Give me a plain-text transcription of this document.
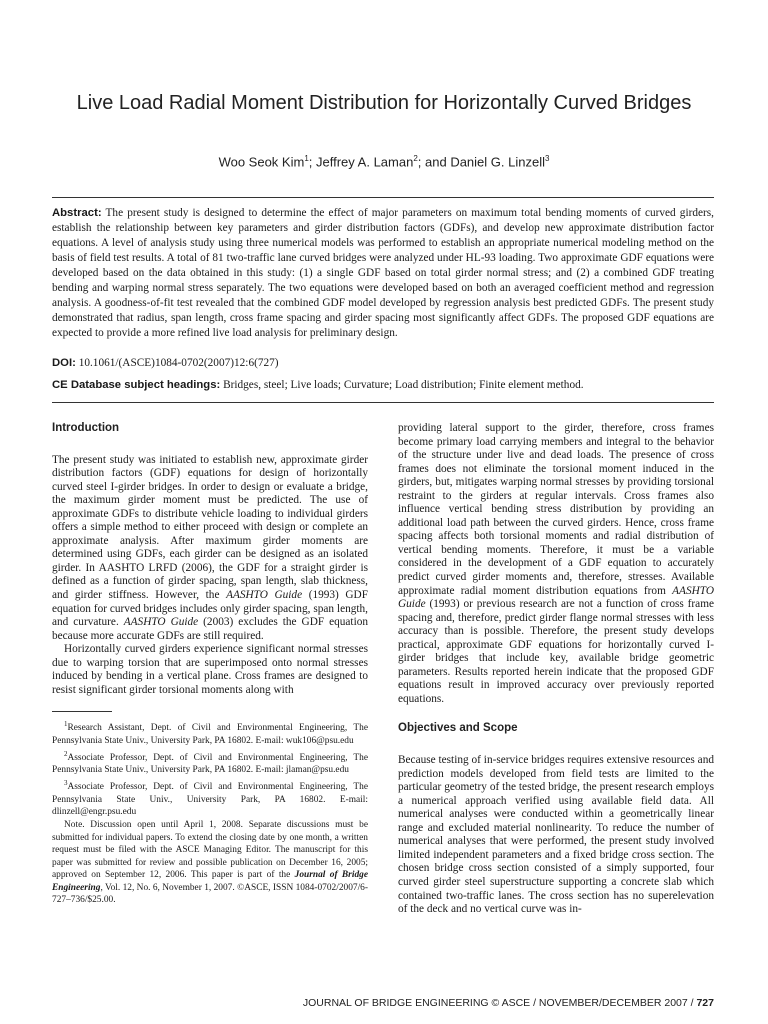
Live Load Radial Moment Distribution for Horizontally Curved Bridges
Woo Seok Kim$^1$; Jeffrey A. Laman$^2$; and Daniel G. Linzell$^3$
Abstract: The present study is designed to determine the effect of major parameters on maximum total bending moments of curved girders, establish the relationship between key parameters and girder distribution factors (GDFs), and develop new approximate distribution factor equations. A level of analysis study using three numerical models was performed to establish an appropriate numerical modeling method on the basis of field test results. A total of 81 two-traffic lane curved bridges were analyzed under HL-93 loading. Two approximate GDF equations were developed based on the data obtained in this study: (1) a single GDF based on total girder normal stress; and (2) a combined GDF treating bending and warping normal stress separately. The two equations were developed based on both an averaged coefficient method and regression analysis. A goodness-of-fit test revealed that the combined GDF model developed by regression analysis best predicted GDFs. The present study demonstrated that radius, span length, cross frame spacing and girder spacing most significantly affect GDFs. The proposed GDF equations are expected to provide a more refined live load analysis for preliminary design.
DOI: 10.1061/(ASCE)1084-0702(2007)12:6(727)
CE Database subject headings: Bridges, steel; Live loads; Curvature; Load distribution; Finite element method.
Introduction

The present study was initiated to establish new, approximate girder distribution factors (GDF) equations for design of horizontally curved steel I-girder bridges. In order to design or evaluate a bridge, the maximum girder moment must be predicted. The use of approximate GDFs to distribute vehicle loading to individual girders offers a simple method to either proceed with design or complete an approximate analysis. After maximum girder moments are determined using GDFs, each girder can be designed as an isolated girder. In AASHTO LRFD (2006), the GDF for a straight girder is defined as a function of girder spacing, span length, slab thickness, and girder stiffness. However, the AASHTO Guide (1993) GDF equation for curved bridges includes only girder spacing, span length, and curvature. AASHTO Guide (2003) excludes the GDF equation because more accurate GDFs are still required.

Horizontally curved girders experience significant normal stresses due to warping torsion that are superimposed onto normal stresses induced by bending in a vertical plane. Cross frames are designed to resist significant girder torsional moments along with

$^1$Research Assistant, Dept. of Civil and Environmental Engineering, The Pennsylvania State Univ., University Park, PA 16802. E-mail: wuk106@psu.edu

$^2$Associate Professor, Dept. of Civil and Environmental Engineering, The Pennsylvania State Univ., University Park, PA 16802. E-mail: jlaman@psu.edu

$^3$Associate Professor, Dept. of Civil and Environmental Engineering, The Pennsylvania State Univ., University Park, PA 16802. E-mail: dlinzell@engr.psu.edu

Note. Discussion open until April 1, 2008. Separate discussions must be submitted for individual papers. To extend the closing date by one month, a written request must be filed with the ASCE Managing Editor. The manuscript for this paper was submitted for review and possible publication on December 16, 2005; approved on September 12, 2006. This paper is part of the Journal of Bridge Engineering, Vol. 12, No. 6, November 1, 2007. ©ASCE, ISSN 1084-0702/2007/6-727–736/$25.00.

providing lateral support to the girder, therefore, cross frames become primary load carrying members and integral to the behavior of the structure under live and dead loads. The presence of cross frames does not eliminate the torsional moment induced in the girders, but, mitigates warping normal stresses by providing torsional restraint to the girders at regular intervals. Cross frames also influence vertical bending stress distribution by providing an additional load path between the curved girders. Hence, cross frame spacing affects both torsional moments and radial distribution of vertical bending moments. Therefore, it must be a variable considered in the development of a GDF equation to accurately predict curved girder moments and, therefore, stresses. Available approximate radial moment distribution equations from AASHTO Guide (1993) or previous research are not a function of cross frame spacing and, therefore, predict girder flange normal stresses with less accuracy than is possible. Therefore, the present study develops practical, approximate GDF equations for horizontally curved I-girder bridges that include key, available bridge geometric parameters. Results reported herein indicate that the proposed GDF equations result in improved accuracy over previously reported equations.

Objectives and Scope

Because testing of in-service bridges requires extensive resources and prediction models developed from field tests are limited to the particular geometry of the tested bridge, the present research employs a numerical approach verified using available field data. All numerical analyses were conducted within a geometrically linear range and excluded material nonlinearity. To reduce the number of numerical analyses that were performed, the present study involved limited independent parameters and a fixed bridge cross section. The chosen bridge cross section consisted of a simply supported, four curved girder steel superstructure supporting a concrete slab which contained two-traffic lanes. The cross section has no superelevation of the deck and no vertical curve was in-

JOURNAL OF BRIDGE ENGINEERING © ASCE / NOVEMBER/DECEMBER 2007 / 727
